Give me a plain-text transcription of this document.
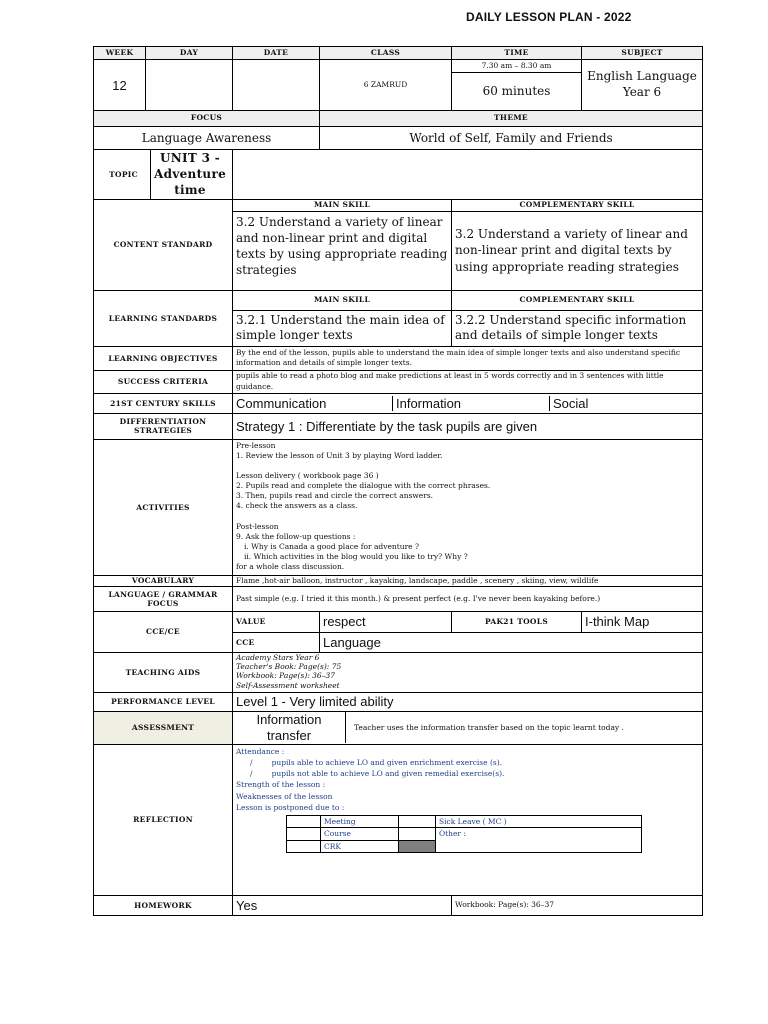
DAILY LESSON PLAN - 2022
WEEK	DAY	DATE	CLASS	TIME	SUBJECT
12			6 ZAMRUD	7.30 am – 8.30 am	English Language Year 6
60 minutes
FOCUS	THEME
Language Awareness	World of Self, Family and Friends

TOPIC	UNIT 3 - Adventure time

CONTENT STANDARD	MAIN SKILL	COMPLEMENTARY SKILL
3.2 Understand a variety of linear and non-linear print and digital texts by using appropriate reading strategies	3.2 Understand a variety of linear and non-linear print and digital texts by using appropriate reading strategies
LEARNING STANDARDS	MAIN SKILL	COMPLEMENTARY SKILL
3.2.1 Understand the main idea of simple longer texts	3.2.2 Understand specific information and details of simple longer texts
LEARNING OBJECTIVES	By the end of the lesson, pupils able to understand the main idea of simple longer texts and also understand specific information and details of simple longer texts.
SUCCESS CRITERIA	pupils able to read a photo blog and make predictions at least in 5 words correctly and in 3 sentences with little guidance.
21ST CENTURY SKILLS	Communication	Information	Social

DIFFERENTIATION STRATEGIES	Strategy 1 : Differentiate by the task pupils are given
ACTIVITIES	
Pre-lesson
1. Review the lesson of Unit 3 by playing Word ladder.

Lesson delivery ( workbook page 36 )
2. Pupils read and complete the dialogue with the correct phrases.
3. Then, pupils read and circle the correct answers.
4. check the answers as a class.

Post-lesson
9. Ask the follow-up questions :
i. Why is Canada a good place for adventure ?
ii. Which activities in the blog would you like to try? Why ?
for a whole class discussion.

VOCABULARY	Flame ,hot-air balloon, instructor , kayaking, landscape, paddle , scenery , skiing, view, wildlife
LANGUAGE / GRAMMAR FOCUS	Past simple (e.g. I tried it this month.) & present perfect (e.g. I've never been kayaking before.)
CCE/CE	VALUE	respect	PAK21 TOOLS	I-think Map
CCE	Language
TEACHING AIDS	
Academy Stars Year 6
Teacher's Book: Page(s): 75
Workbook: Page(s): 36–37
Self-Assessment worksheet

PERFORMANCE LEVEL	Level 1 - Very limited ability
ASSESSMENT	
Information transfer	Teacher uses the information transfer based on the topic learnt today .

REFLECTION	
Attendance :
/        pupils able to achieve LO and given enrichment exercise (s).
/        pupils not able to achieve LO and given remedial exercise(s).
Strength of the lesson :
Weaknesses of the lesson
Lesson is postponed due to :
	Meeting		Sick Leave ( MC )
	Course		Other :
	CRK	

HOMEWORK	Yes	Workbook: Page(s): 36–37
